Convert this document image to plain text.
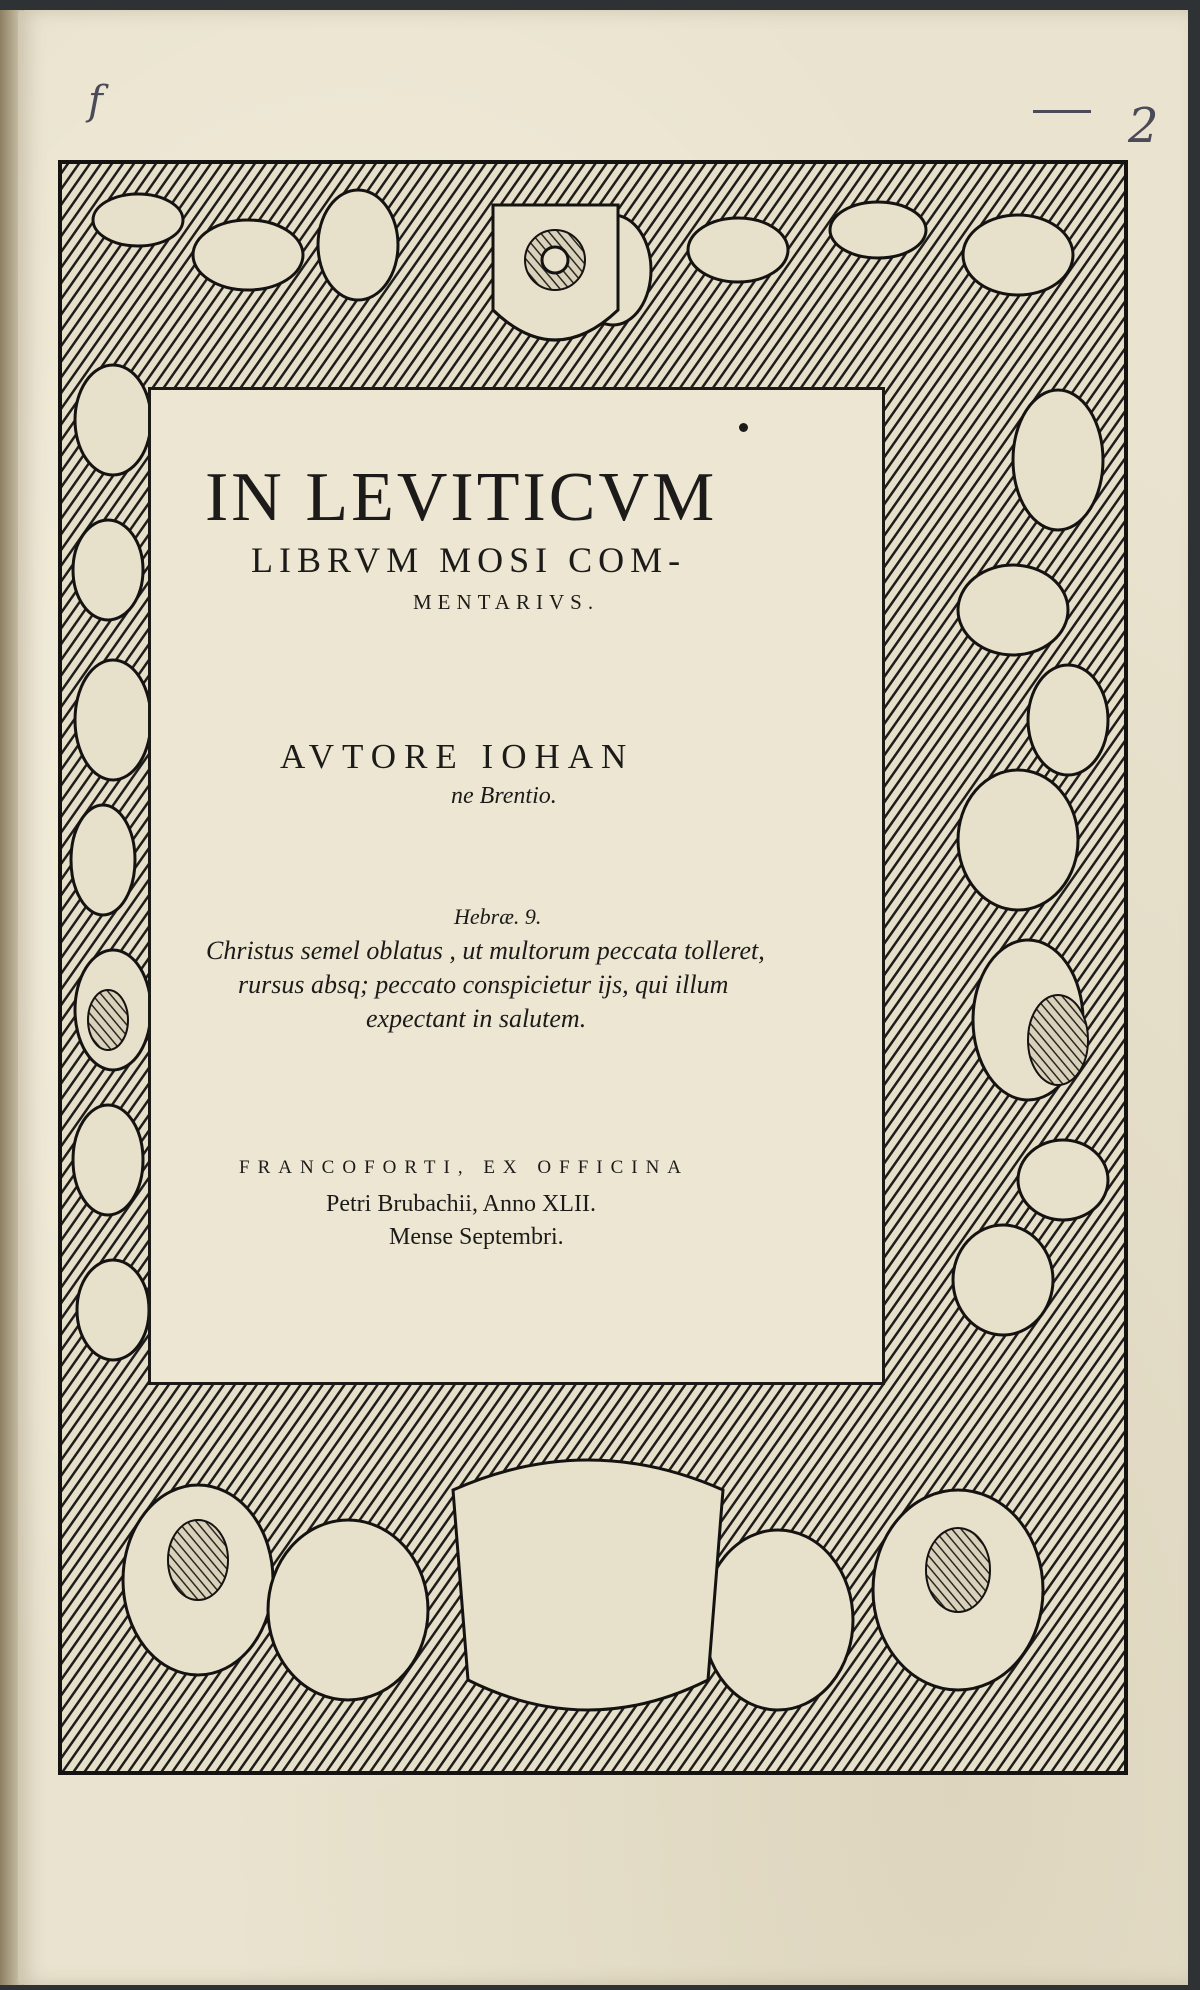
f	2
IN LEVITICVM
LIBRVM MOSI COM-
MENTARIVS.
AVTORE IOHAN
ne Brentio.
Hebræ. 9.
Christus semel oblatus , ut multorum peccata tolleret,
rursus absq; peccato conspicietur ijs, qui illum
expectant in salutem.
FRANCOFORTI, EX OFFICINA
Petri Brubachii, Anno XLII.
Mense Septembri.
